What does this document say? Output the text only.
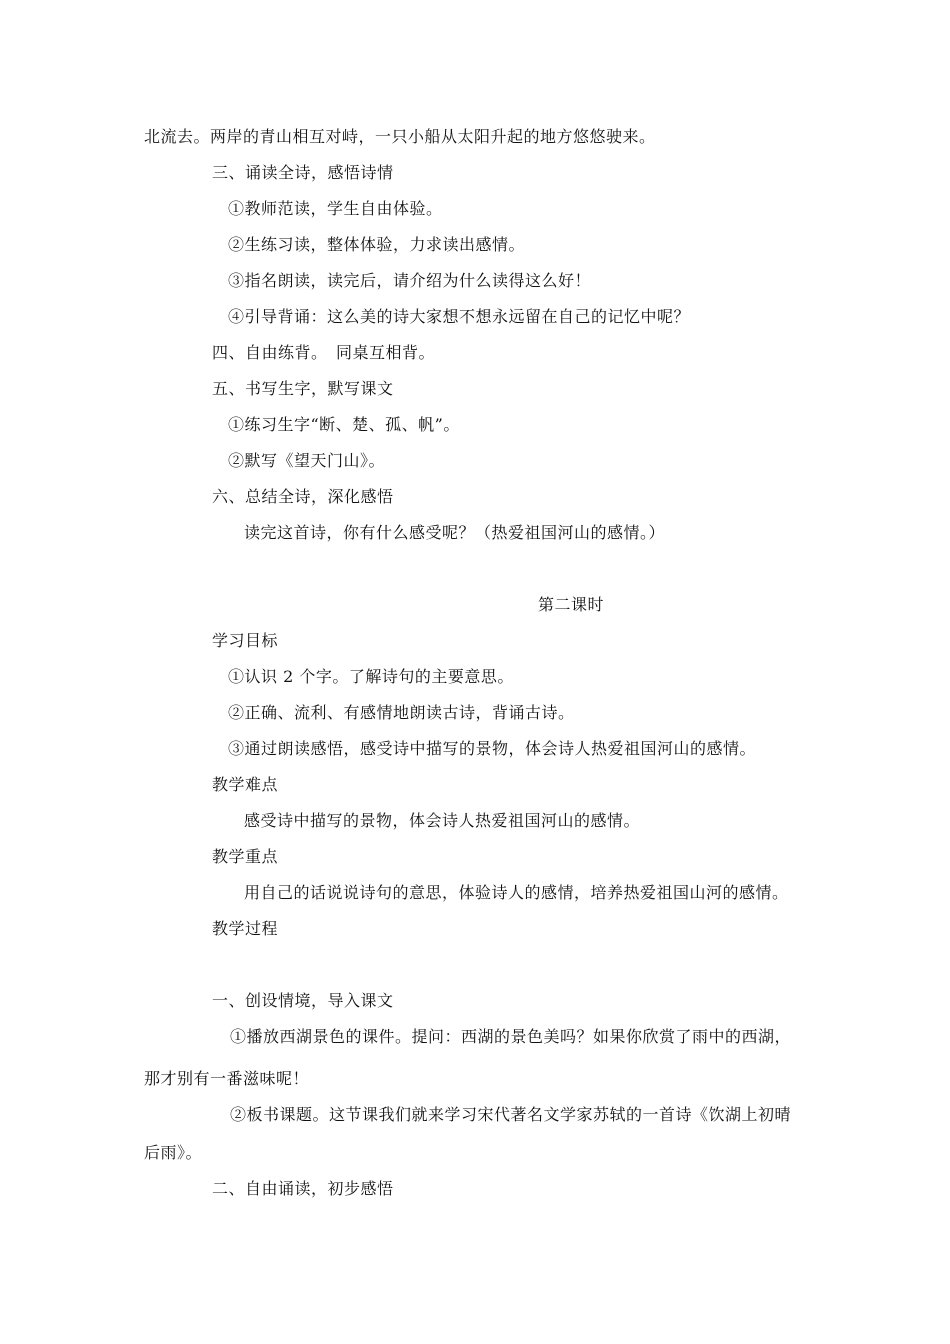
北流去。两岸的青山相互对峙，一只小船从太阳升起的地方悠悠驶来。
三、诵读全诗，感悟诗情
①教师范读，学生自由体验。
②生练习读，整体体验，力求读出感情。
③指名朗读，读完后，请介绍为什么读得这么好！
④引导背诵：这么美的诗大家想不想永远留在自己的记忆中呢？
四、自由练背。　同桌互相背。
五、书写生字，默写课文
①练习生字“断、楚、孤、帆”。
②默写《望天门山》。
六、总结全诗，深化感悟
读完这首诗，你有什么感受呢？（热爱祖国河山的感情。）
第二课时
学习目标
①认识 2 个字。了解诗句的主要意思。
②正确、流利、有感情地朗读古诗，背诵古诗。
③通过朗读感悟，感受诗中描写的景物，体会诗人热爱祖国河山的感情。
教学难点
感受诗中描写的景物，体会诗人热爱祖国河山的感情。
教学重点
用自己的话说说诗句的意思，体验诗人的感情，培养热爱祖国山河的感情。
教学过程
一、创设情境，导入课文
①播放西湖景色的课件。提问：西湖的景色美吗？如果你欣赏了雨中的西湖，
那才别有一番滋味呢！
②板书课题。这节课我们就来学习宋代著名文学家苏轼的一首诗《饮湖上初晴
后雨》。
二、自由诵读，初步感悟
